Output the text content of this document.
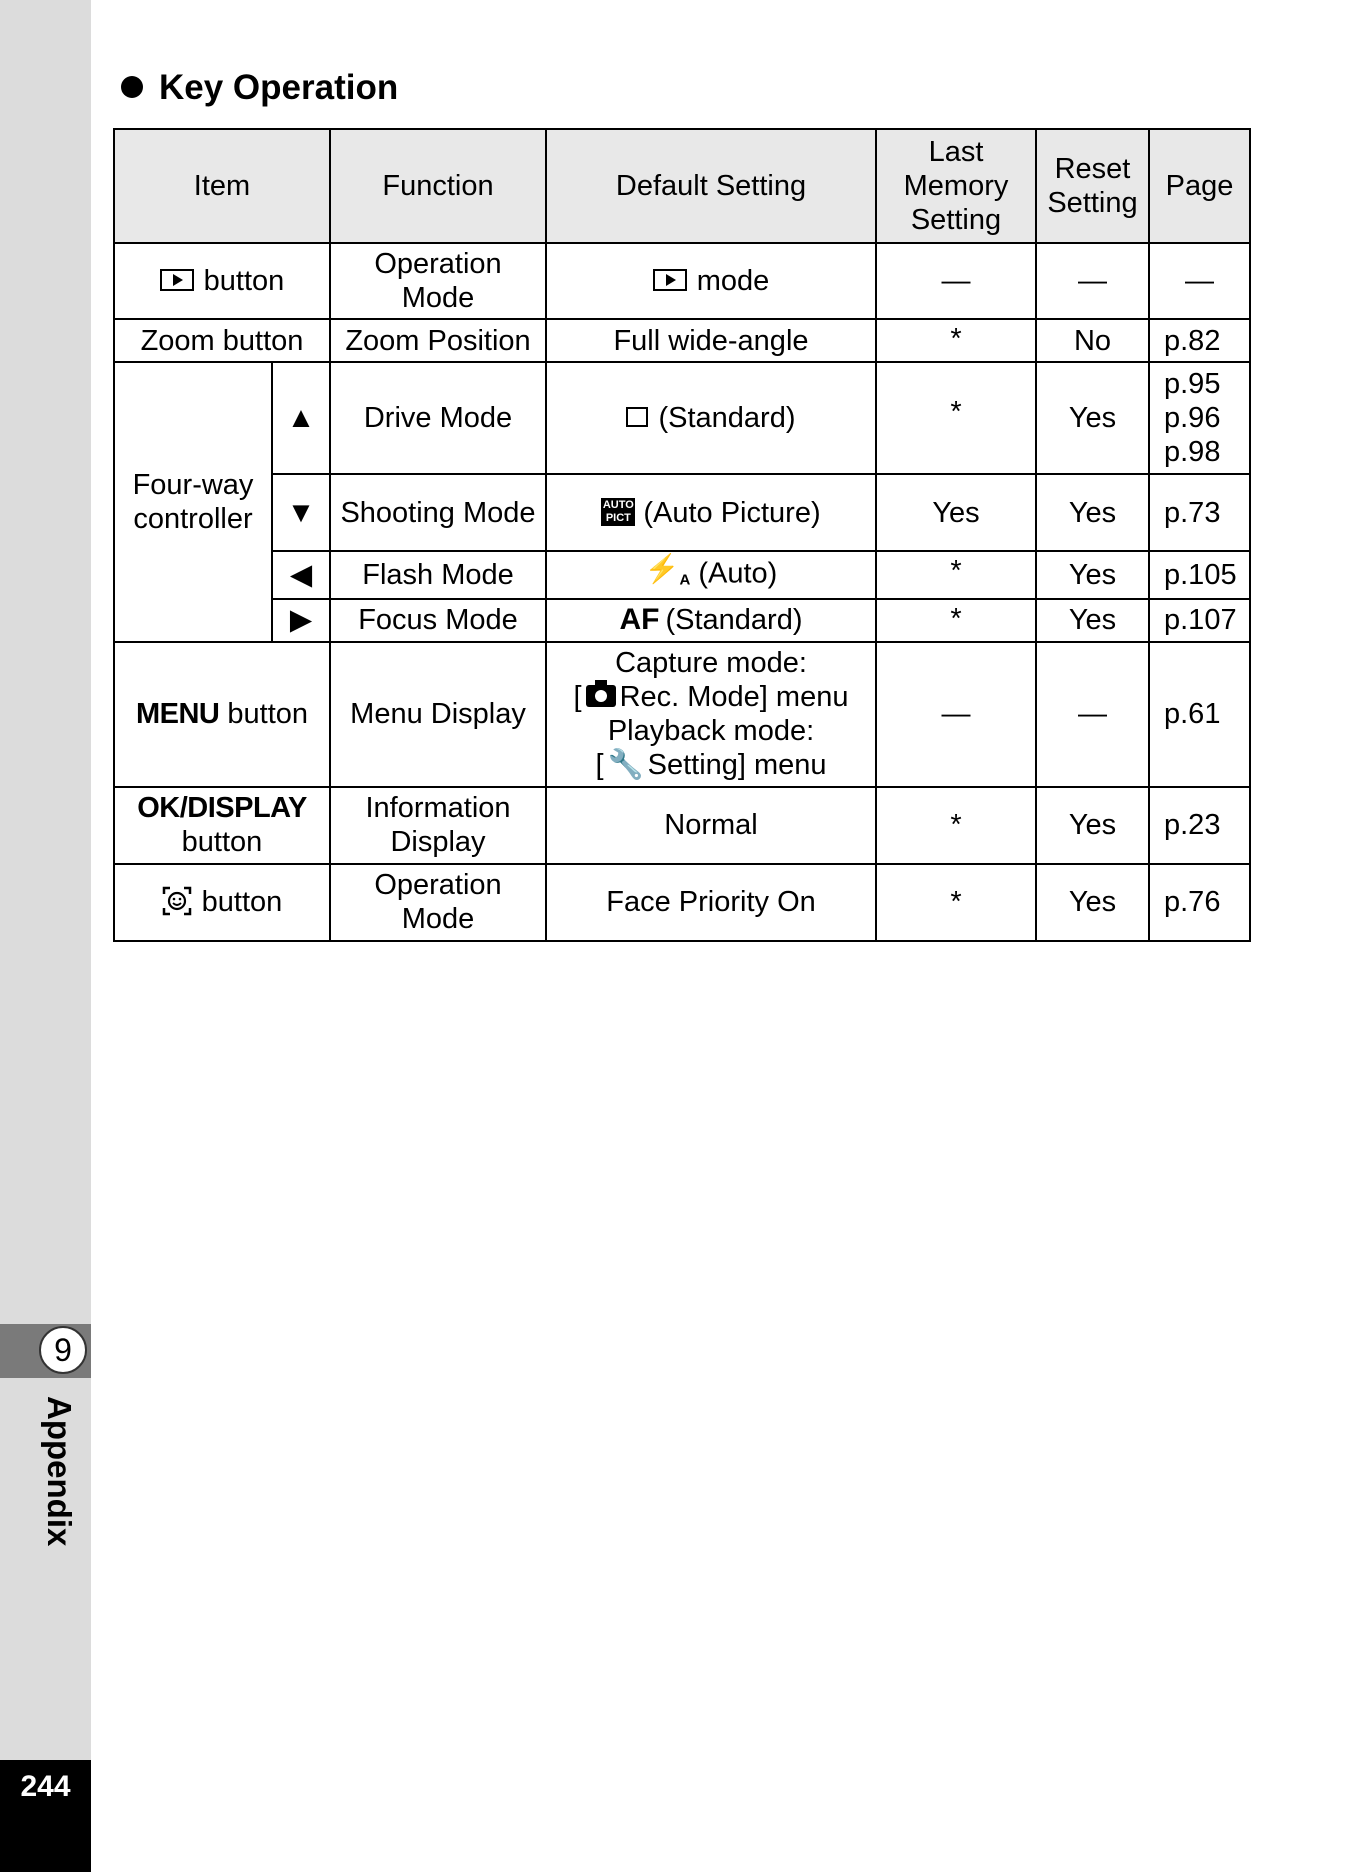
9
Appendix
244
Key Operation
Item		Function	Default Setting	Last Memory Setting	Reset Setting	Page
button		Operation Mode	mode	—	—	—
Zoom button		Zoom Position	Full wide-angle	*	No	p.82
Four-way controller	▲	Drive Mode	(Standard)	*	Yes	p.95 p.96 p.98
	▼	Shooting Mode	AUTO PICT (Auto Picture)	Yes	Yes	p.73
	◀	Flash Mode	$⚡_A$ (Auto)	*	Yes	p.105
	▶	Focus Mode	AF (Standard)	*	Yes	p.107
MENU button		Menu Display	Capture mode:
[ Rec. Mode] menu
Playback mode:
[ 🔧 Setting] menu	—	—	p.61

OK/DISPLAY
button		Information Display	Normal	*	Yes	p.23
button		Operation Mode	Face Priority On	*	Yes	p.76
